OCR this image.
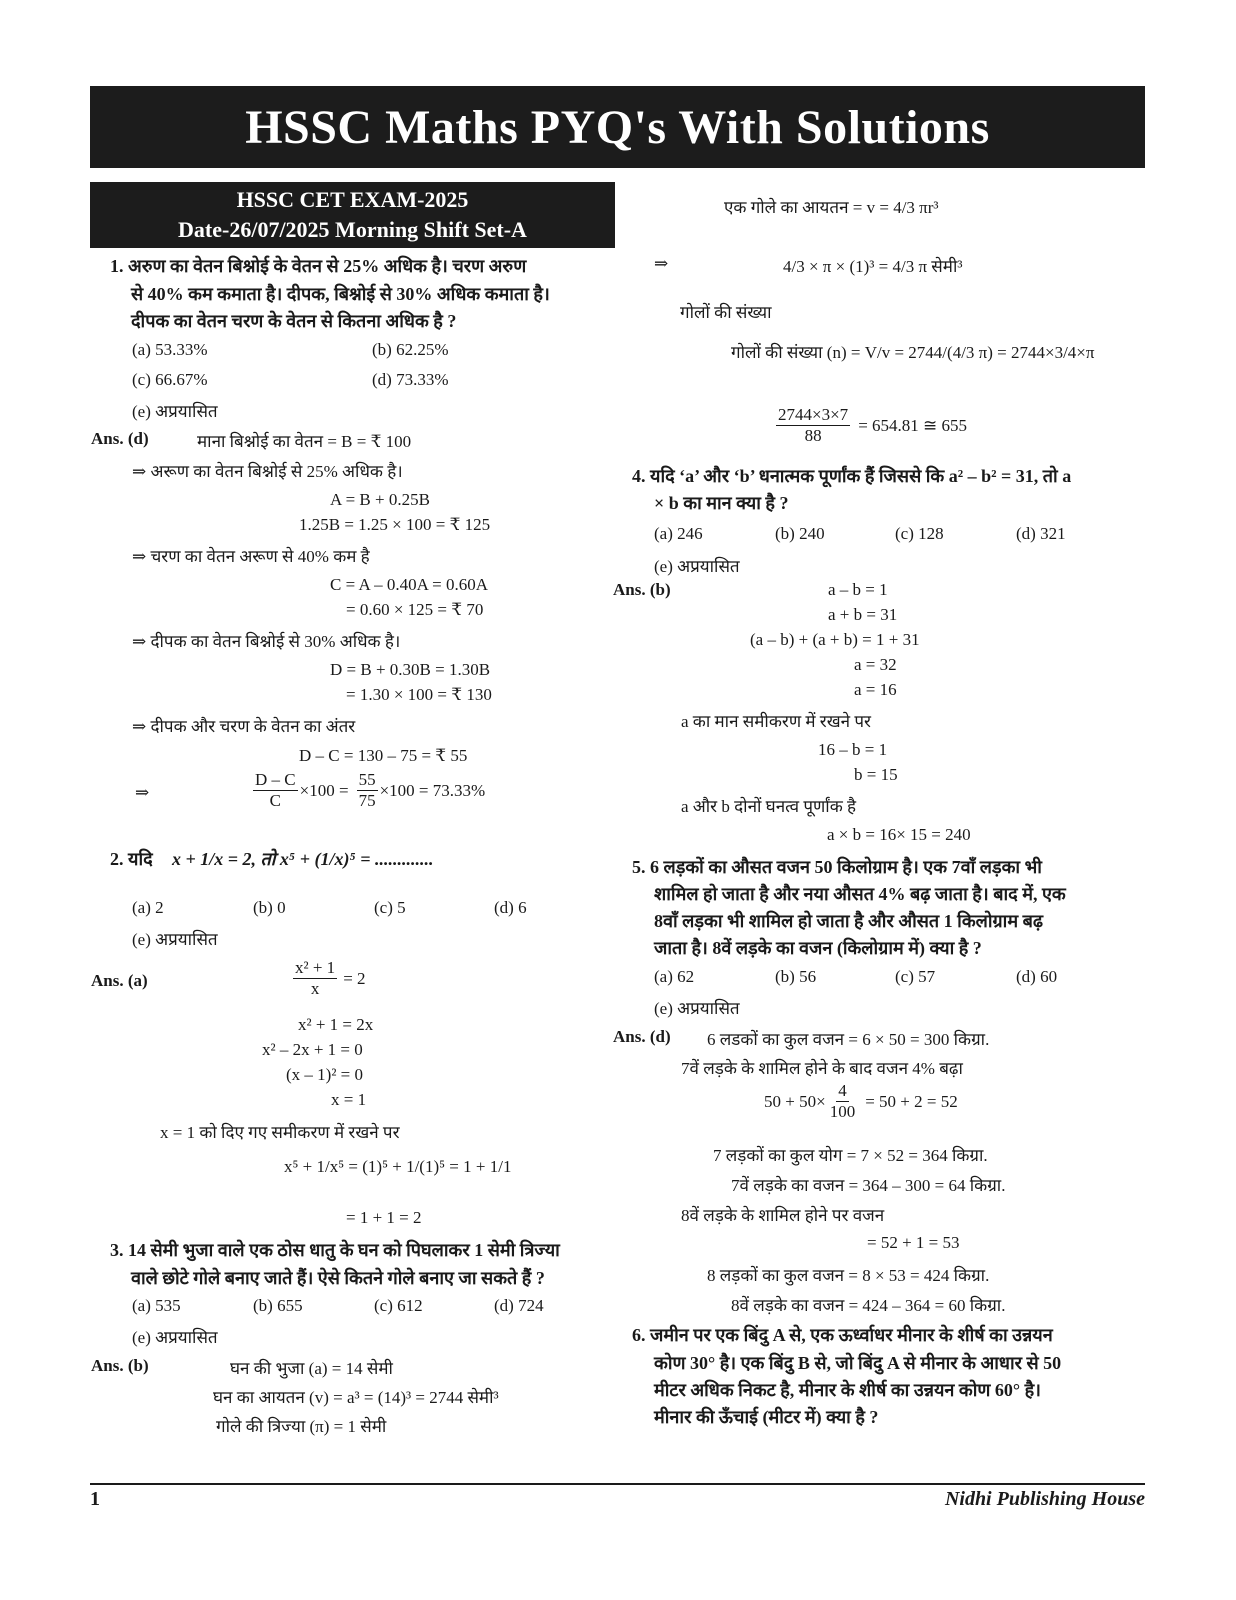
HSSC Maths PYQ's With Solutions
HSSC CET EXAM-2025
Date-26/07/2025 Morning Shift Set-A
1. अरुण का वेतन बिश्नोई के वेतन से 25% अधिक है। चरण अरुण
से 40% कम कमाता है। दीपक, बिश्नोई से 30% अधिक कमाता है।
दीपक का वेतन चरण के वेतन से कितना अधिक है ?
(a) 53.33%	(b) 62.25%
(c) 66.67%	(d) 73.33%
(e) अप्रयासित
Ans. (d)	माना बिश्नोई का वेतन = B = ₹ 100
⇒ अरूण का वेतन बिश्नोई से 25% अधिक है।
A = B + 0.25B
1.25B = 1.25 × 100 = ₹ 125
⇒ चरण का वेतन अरूण से 40% कम है
C = A – 0.40A = 0.60A
= 0.60 × 125 = ₹ 70
⇒ दीपक का वेतन बिश्नोई से 30% अधिक है।
D = B + 0.30B = 1.30B
= 1.30 × 100 = ₹ 130
⇒ दीपक और चरण के वेतन का अंतर
D – C = 130 – 75 = ₹ 55
⇒	$\frac{D - C}{C} \times 100 = \frac{55}{75} \times 100 = 73.33\%$
2. यदि x + 1/x = 2, तो x⁵ + (1/x)⁵ = .............
(a) 2	(b) 0	(c) 5	(d) 6
(e) अप्रयासित
Ans. (a)	$\frac{\text{x² + 1}}{x} = 2$
x² + 1 = 2x
x² – 2x + 1 = 0
(x – 1)² = 0
x = 1
x = 1 को दिए गए समीकरण में रखने पर
x⁵ + 1/x⁵ = (1)⁵ + 1/(1)⁵ = 1 + 1/1
= 1 + 1 = 2
3. 14 सेमी भुजा वाले एक ठोस धातु के घन को पिघलाकर 1 सेमी त्रिज्या
वाले छोटे गोले बनाए जाते हैं। ऐसे कितने गोले बनाए जा सकते हैं ?
(a) 535	(b) 655	(c) 612	(d) 724
(e) अप्रयासित
Ans. (b)	घन की भुजा (a) = 14 सेमी
घन का आयतन (v) = a³ = (14)³ = 2744 सेमी³
गोले की त्रिज्या (π) = 1 सेमी
एक गोले का आयतन = v = 4/3 πr³
⇒	4/3 × π × (1)³ = 4/3 π सेमी³
गोलों की संख्या
गोलों की संख्या (n) = V/v = 2744/(4/3 π) = 2744×3/4×π
$\frac{2744\times 3\times 7}{88} = 654.81$ ≅ 655
4. यदि ‘a’ और ‘b’ धनात्मक पूर्णांक हैं जिससे कि a² – b² = 31, तो a
× b का मान क्या है ?
(a) 246	(b) 240	(c) 128	(d) 321
(e) अप्रयासित
Ans. (b)	a – b = 1
a + b = 31
(a – b) + (a + b) = 1 + 31
a = 32
a = 16
a का मान समीकरण में रखने पर
16 – b = 1
b = 15
a और b दोनों घनत्व पूर्णांक है
a × b = 16× 15 = 240
5. 6 लड़कों का औसत वजन 50 किलोग्राम है। एक 7वाँ लड़का भी
शामिल हो जाता है और नया औसत 4% बढ़ जाता है। बाद में, एक
8वाँ लड़का भी शामिल हो जाता है और औसत 1 किलोग्राम बढ़
जाता है। 8वें लड़के का वजन (किलोग्राम में) क्या है ?
(a) 62	(b) 56	(c) 57	(d) 60
(e) अप्रयासित
Ans. (d) 6 लडकों का कुल वजन = 6 × 50 = 300 किग्रा.
7वें लड़के के शामिल होने के बाद वजन 4% बढ़ा
$50 + 50\times \frac{4}{100} = 50 + 2 = 52$
7 लड़कों का कुल योग = 7 × 52 = 364 किग्रा.
7वें लड़के का वजन = 364 – 300 = 64 किग्रा.
8वें लड़के के शामिल होने पर वजन
= 52 + 1 = 53
8 लड़कों का कुल वजन = 8 × 53 = 424 किग्रा.
8वें लड़के का वजन = 424 – 364 = 60 किग्रा.
6. जमीन पर एक बिंदु A से, एक ऊर्ध्वाधर मीनार के शीर्ष का उन्नयन
कोण 30° है। एक बिंदु B से, जो बिंदु A से मीनार के आधार से 50
मीटर अधिक निकट है, मीनार के शीर्ष का उन्नयन कोण 60° है।
मीनार की ऊँचाई (मीटर में) क्या है ?
1	Nidhi Publishing House
